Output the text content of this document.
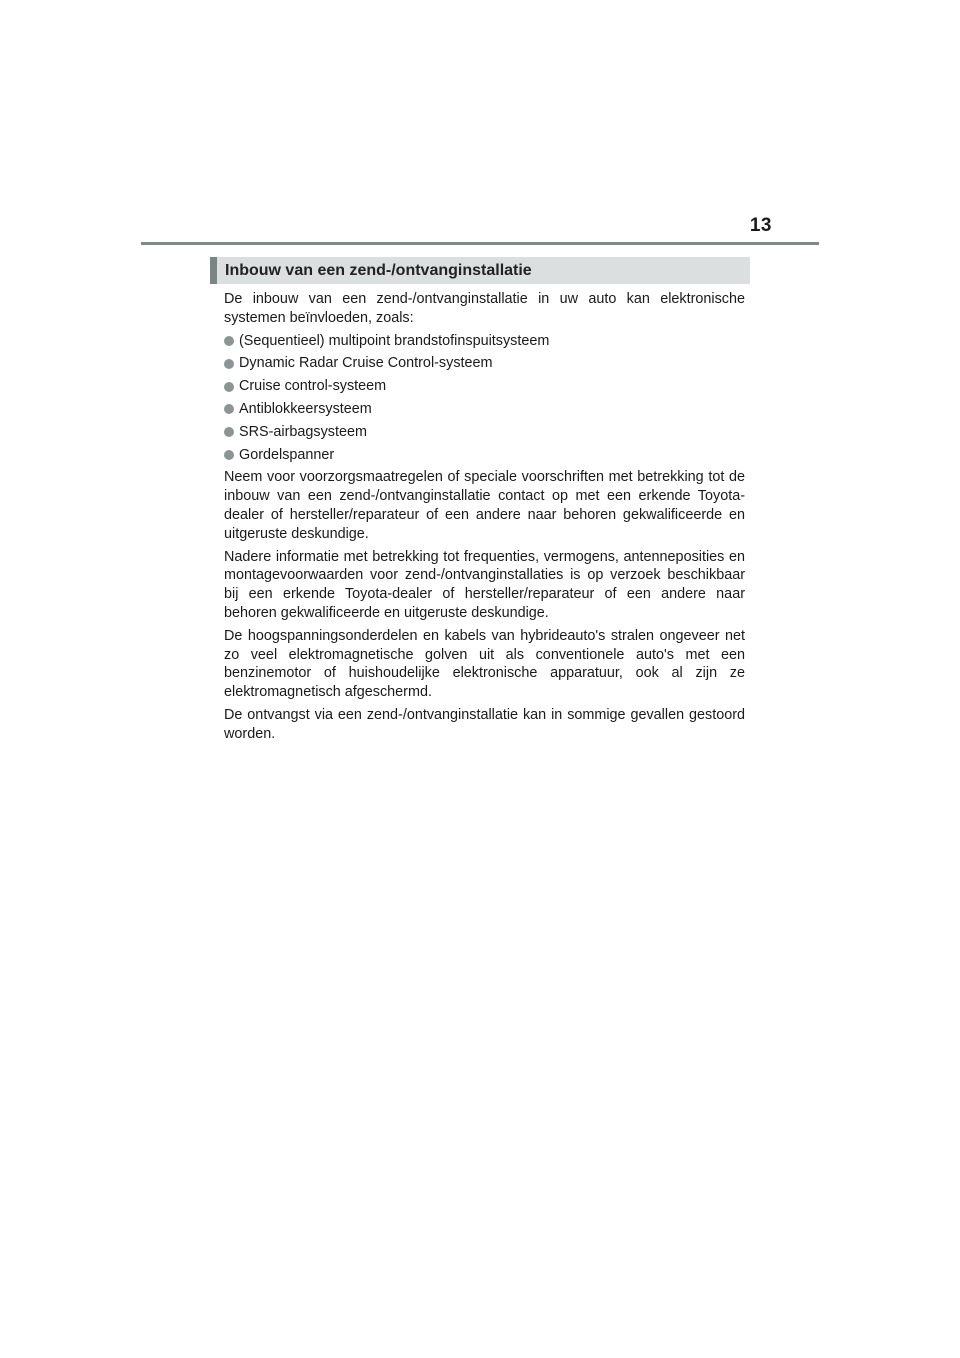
13
Inbouw van een zend-/ontvanginstallatie

De inbouw van een zend-/ontvanginstallatie in uw auto kan elektronische systemen beïnvloeden, zoals:

(Sequentieel) multipoint brandstofinspuitsysteem
Dynamic Radar Cruise Control-systeem
Cruise control-systeem
Antiblokkeersysteem
SRS-airbagsysteem
Gordelspanner

Neem voor voorzorgsmaatregelen of speciale voorschriften met betrekking tot de inbouw van een zend-/ontvanginstallatie contact op met een erkende Toyota-dealer of hersteller/reparateur of een andere naar behoren gekwalificeerde en uitgeruste deskundige.

Nadere informatie met betrekking tot frequenties, vermogens, antenneposities en montagevoorwaarden voor zend-/ontvanginstallaties is op verzoek beschikbaar bij een erkende Toyota-dealer of hersteller/reparateur of een andere naar behoren gekwalificeerde en uitgeruste deskundige.

De hoogspanningsonderdelen en kabels van hybrideauto's stralen ongeveer net zo veel elektromagnetische golven uit als conventionele auto's met een benzinemotor of huishoudelijke elektronische apparatuur, ook al zijn ze elektromagnetisch afgeschermd.

De ontvangst via een zend-/ontvanginstallatie kan in sommige gevallen gestoord worden.
